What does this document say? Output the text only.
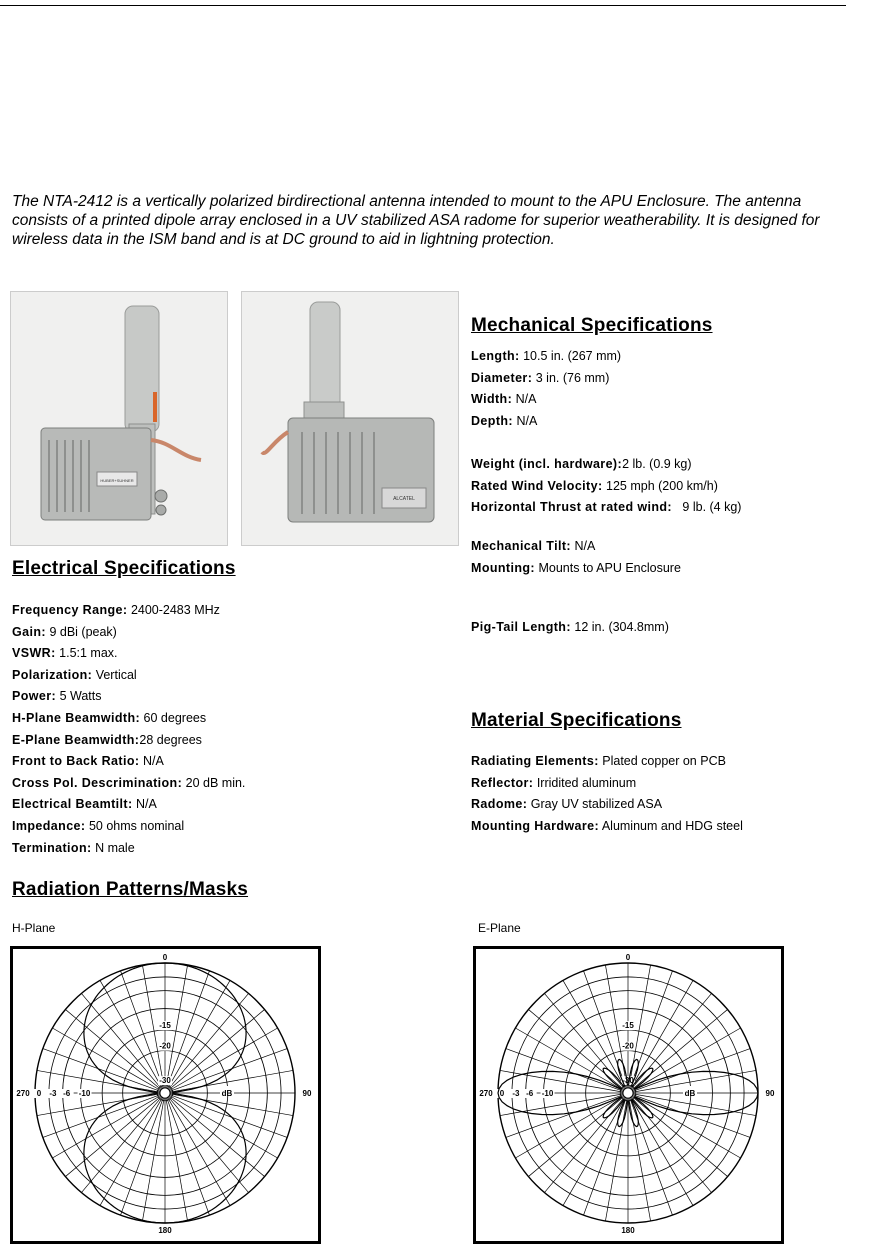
The NTA-2412 is a vertically polarized birdirectional antenna intended to mount to the APU Enclosure. The antenna consists of a printed dipole array enclosed in a UV stabilized ASA radome for superior weatherability. It is designed for wireless data in the ISM band and is at DC ground to aid in lightning protection.

HUBER+SUHNER
ALCATEL
Mechanical Specifications
Length: 10.5 in. (267 mm)
Diameter: 3 in. (76 mm)
Width: N/A
Depth: N/A
Weight (incl. hardware):2 lb. (0.9 kg)
Rated Wind Velocity: 125 mph (200 km/h)
Horizontal Thrust at rated wind: 9 lb. (4 kg)
Mechanical Tilt: N/A
Mounting: Mounts to APU Enclosure
Pig-Tail Length: 12 in. (304.8mm)
Electrical Specifications
Frequency Range: 2400-2483 MHz
Gain: 9 dBi (peak)
VSWR: 1.5:1 max.
Polarization: Vertical
Power: 5 Watts
H-Plane Beamwidth: 60 degrees
E-Plane Beamwidth:28 degrees
Front to Back Ratio: N/A
Cross Pol. Descrimination: 20 dB min.
Electrical Beamtilt: N/A
Impedance: 50 ohms nominal
Termination: N male
Material Specifications
Radiating Elements: Plated copper on PCB
Reflector: Irridited aluminum
Radome: Gray UV stabilized ASA
Mounting Hardware: Aluminum and HDG steel
Radiation Patterns/Masks
H-Plane	E-Plane
0 -3 -6 -10
-15
-20
-30
dB
0
90
180
270	0 -3 -6 -10
-15
-20
-30
dB
0
90
180
270
